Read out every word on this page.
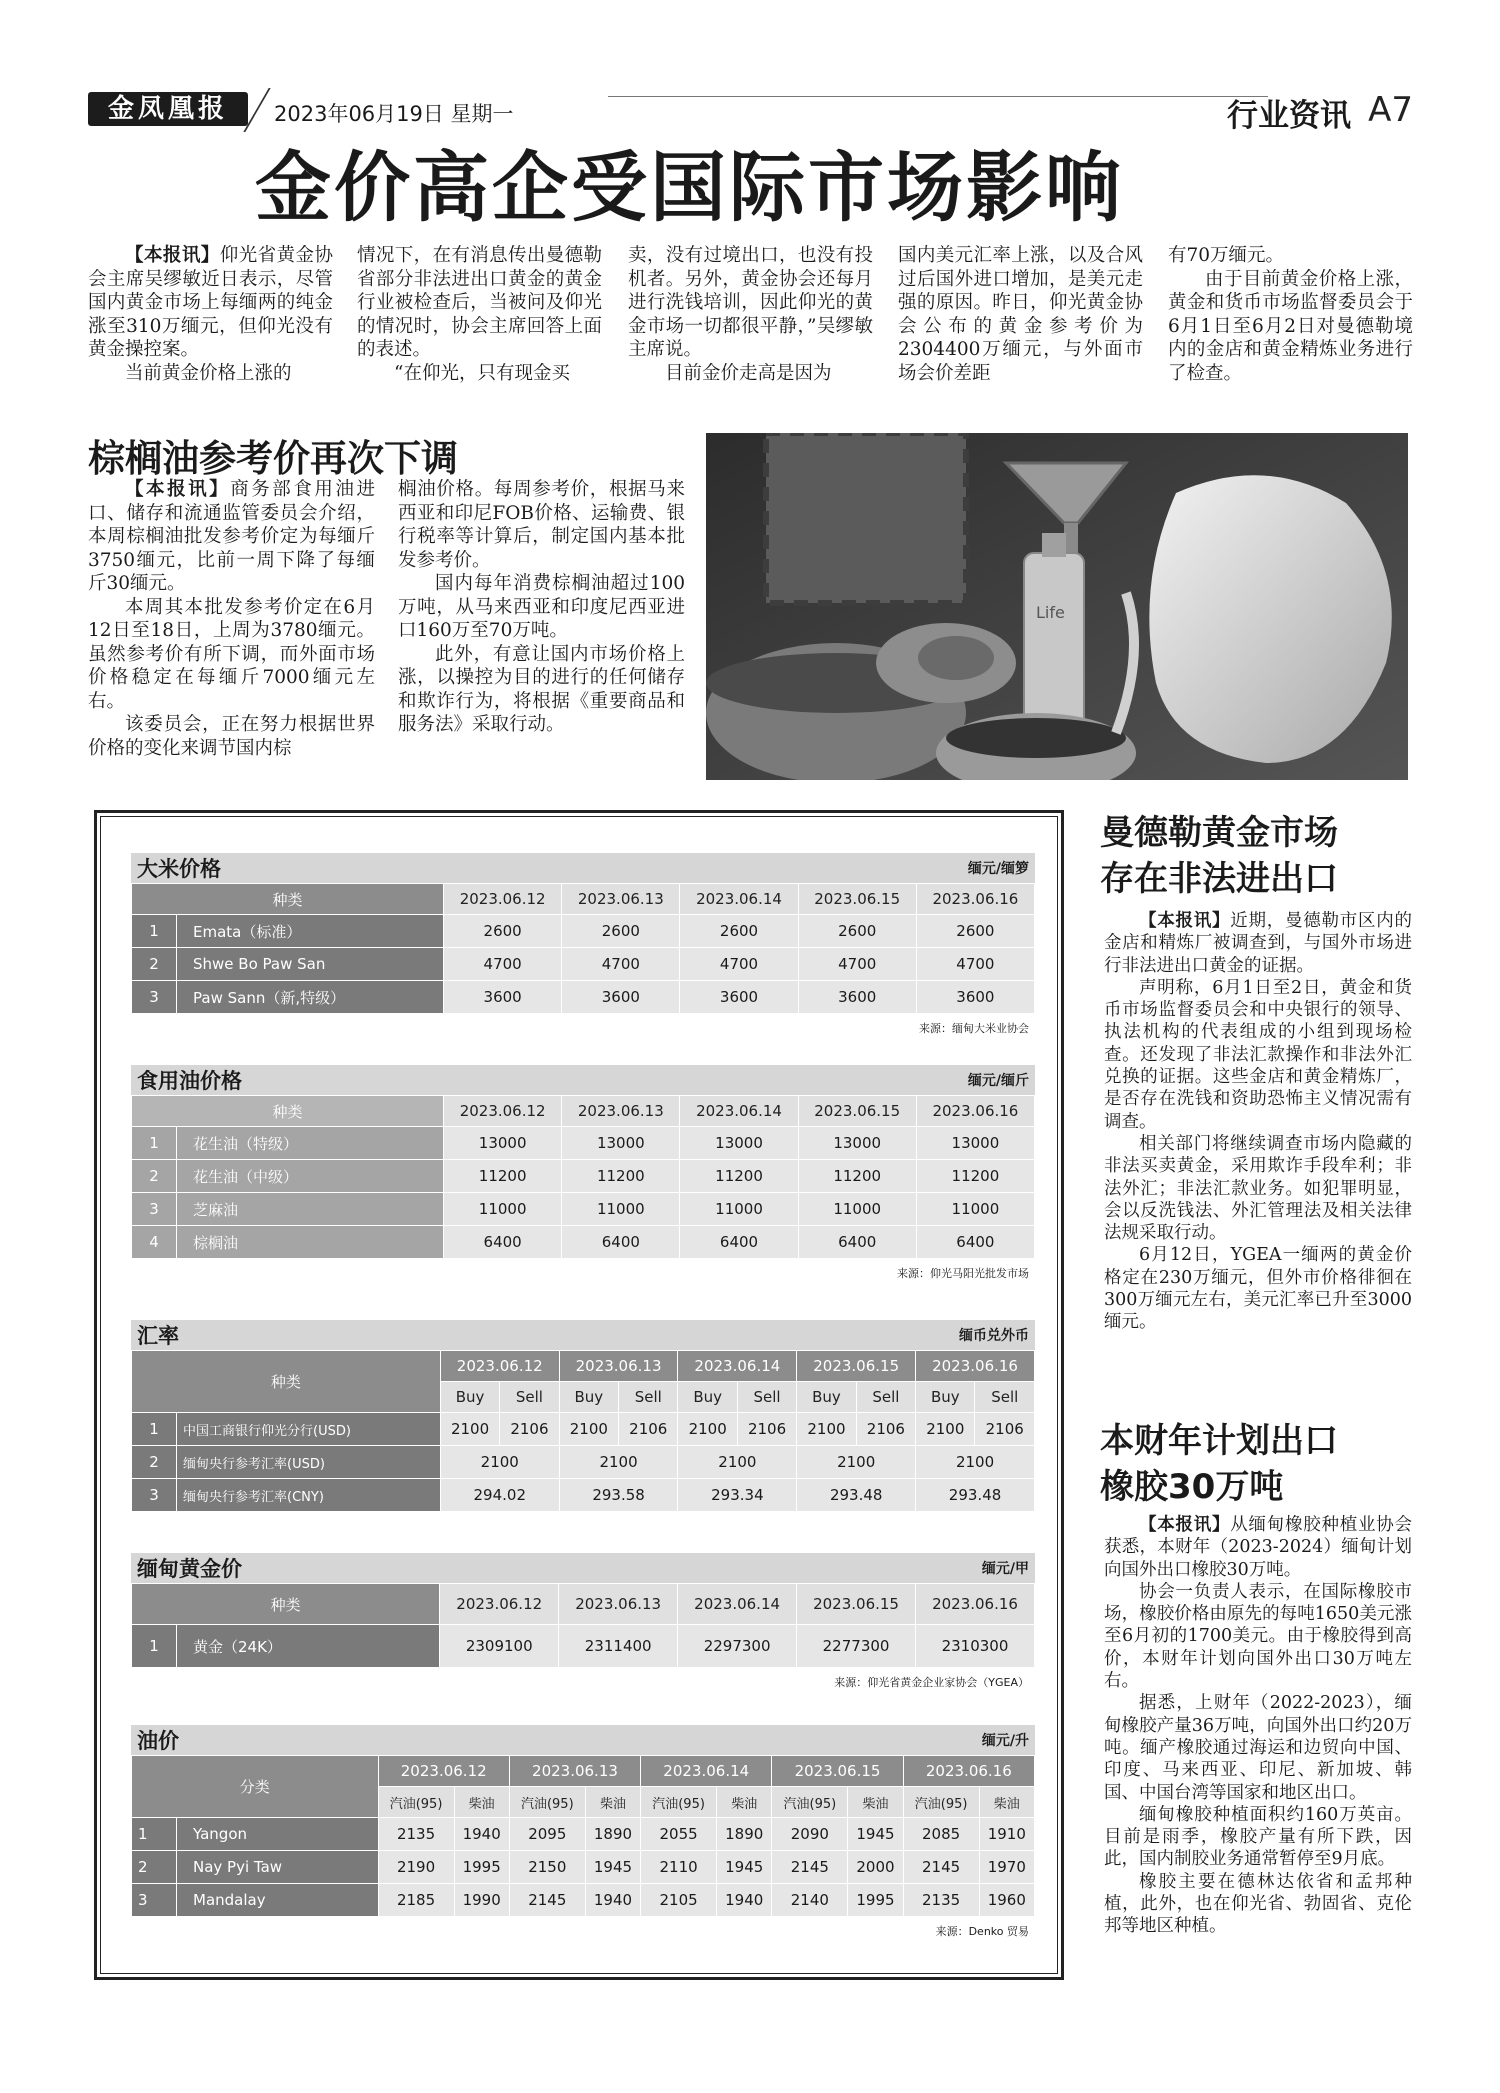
金凤凰报	2023年06月19日 星期一	行业资讯 A7
金价高企受国际市场影响

【本报讯】仰光省黄金协会主席吴缪敏近日表示，尽管国内黄金市场上每缅两的纯金涨至310万缅元，但仰光没有黄金操控案。

当前黄金价格上涨的

情况下，在有消息传出曼德勒省部分非法进出口黄金的黄金行业被检查后，当被问及仰光的情况时，协会主席回答上面的表述。

“在仰光，只有现金买

卖，没有过境出口，也没有投机者。另外，黄金协会还每月进行洗钱培训，因此仰光的黄金市场一切都很平静，”吴缪敏主席说。

目前金价走高是因为

国内美元汇率上涨，以及合风过后国外进口增加，是美元走强的原因。昨日，仰光黄金协会公布的黄金参考价为2304400万缅元，与外面市场会价差距

有70万缅元。

由于目前黄金价格上涨，黄金和货币市场监督委员会于6月1日至6月2日对曼德勒境内的金店和黄金精炼业务进行了检查。

棕榈油参考价再次下调

【本报讯】商务部食用油进口、储存和流通监管委员会介绍，本周棕榈油批发参考价定为每缅斤3750缅元，比前一周下降了每缅斤30缅元。

本周其本批发参考价定在6月12日至18日，上周为3780缅元。虽然参考价有所下调，而外面市场价格稳定在每缅斤7000缅元左右。

该委员会，正在努力根据世界价格的变化来调节国内棕

榈油价格。每周参考价，根据马来西亚和印尼FOB价格、运输费、银行税率等计算后，制定国内基本批发参考价。

国内每年消费棕榈油超过100万吨，从马来西亚和印度尼西亚进口160万至70万吨。

此外，有意让国内市场价格上涨，以操控为目的进行的任何储存和欺诈行为，将根据《重要商品和服务法》采取行动。

Life
大米价格	缅元/缅箩
种类		2023.06.12	2023.06.13	2023.06.14	2023.06.15	2023.06.16
1	Emata（标准）	2600	2600	2600	2600	2600
2	Shwe Bo Paw San	4700	4700	4700	4700	4700
3	Paw Sann（新,特级）	3600	3600	3600	3600	3600
来源：缅甸大米业协会
食用油价格	缅元/缅斤
种类		2023.06.12	2023.06.13	2023.06.14	2023.06.15	2023.06.16
1	花生油（特级）	13000	13000	13000	13000	13000
2	花生油（中级）	11200	11200	11200	11200	11200
3	芝麻油	11000	11000	11000	11000	11000
4	棕榈油	6400	6400	6400	6400	6400
来源：仰光马阳光批发市场
汇率	缅币兑外币
种类		2023.06.12		2023.06.13		2023.06.14		2023.06.15		2023.06.16	
		Buy	Sell	Buy	Sell	Buy	Sell	Buy	Sell	Buy	Sell
1	中国工商银行仰光分行(USD)	2100	2106	2100	2106	2100	2106	2100	2106	2100	2106
2	缅甸央行参考汇率(USD)	2100		2100		2100		2100		2100	
3	缅甸央行参考汇率(CNY)	294.02		293.58		293.34		293.48		293.48	
缅甸黄金价	缅元/甲
种类		2023.06.12	2023.06.13	2023.06.14	2023.06.15	2023.06.16
1	黄金（24K）	2309100	2311400	2297300	2277300	2310300
来源：仰光省黄金企业家协会（YGEA）
油价	缅元/升
分类		2023.06.12		2023.06.13		2023.06.14		2023.06.15		2023.06.16	
		汽油(95)	柴油	汽油(95)	柴油	汽油(95)	柴油	汽油(95)	柴油	汽油(95)	柴油
1	Yangon	2135	1940	2095	1890	2055	1890	2090	1945	2085	1910
2	Nay Pyi Taw	2190	1995	2150	1945	2110	1945	2145	2000	2145	1970
3	Mandalay	2185	1990	2145	1940	2105	1940	2140	1995	2135	1960
来源：Denko 贸易
曼德勒黄金市场
存在非法进出口

【本报讯】近期，曼德勒市区内的金店和精炼厂被调查到，与国外市场进行非法进出口黄金的证据。

声明称，6月1日至2日，黄金和货币市场监督委员会和中央银行的领导、执法机构的代表组成的小组到现场检查。还发现了非法汇款操作和非法外汇兑换的证据。这些金店和黄金精炼厂，是否存在洗钱和资助恐怖主义情况需有调查。

相关部门将继续调查市场内隐藏的非法买卖黄金，采用欺诈手段牟利；非法外汇；非法汇款业务。如犯罪明显，会以反洗钱法、外汇管理法及相关法律法规采取行动。

6月12日，YGEA一缅两的黄金价格定在230万缅元，但外市价格徘徊在300万缅元左右，美元汇率已升至3000缅元。

本财年计划出口
橡胶30万吨

【本报讯】从缅甸橡胶种植业协会获悉，本财年（2023-2024）缅甸计划向国外出口橡胶30万吨。

协会一负责人表示，在国际橡胶市场，橡胶价格由原先的每吨1650美元涨至6月初的1700美元。由于橡胶得到高价，本财年计划向国外出口30万吨左右。

据悉，上财年（2022-2023），缅甸橡胶产量36万吨，向国外出口约20万吨。缅产橡胶通过海运和边贸向中国、印度、马来西亚、印尼、新加坡、韩国、中国台湾等国家和地区出口。

缅甸橡胶种植面积约160万英亩。目前是雨季，橡胶产量有所下跌，因此，国内制胶业务通常暂停至9月底。

橡胶主要在德林达依省和孟邦种植，此外，也在仰光省、勃固省、克伦邦等地区种植。
